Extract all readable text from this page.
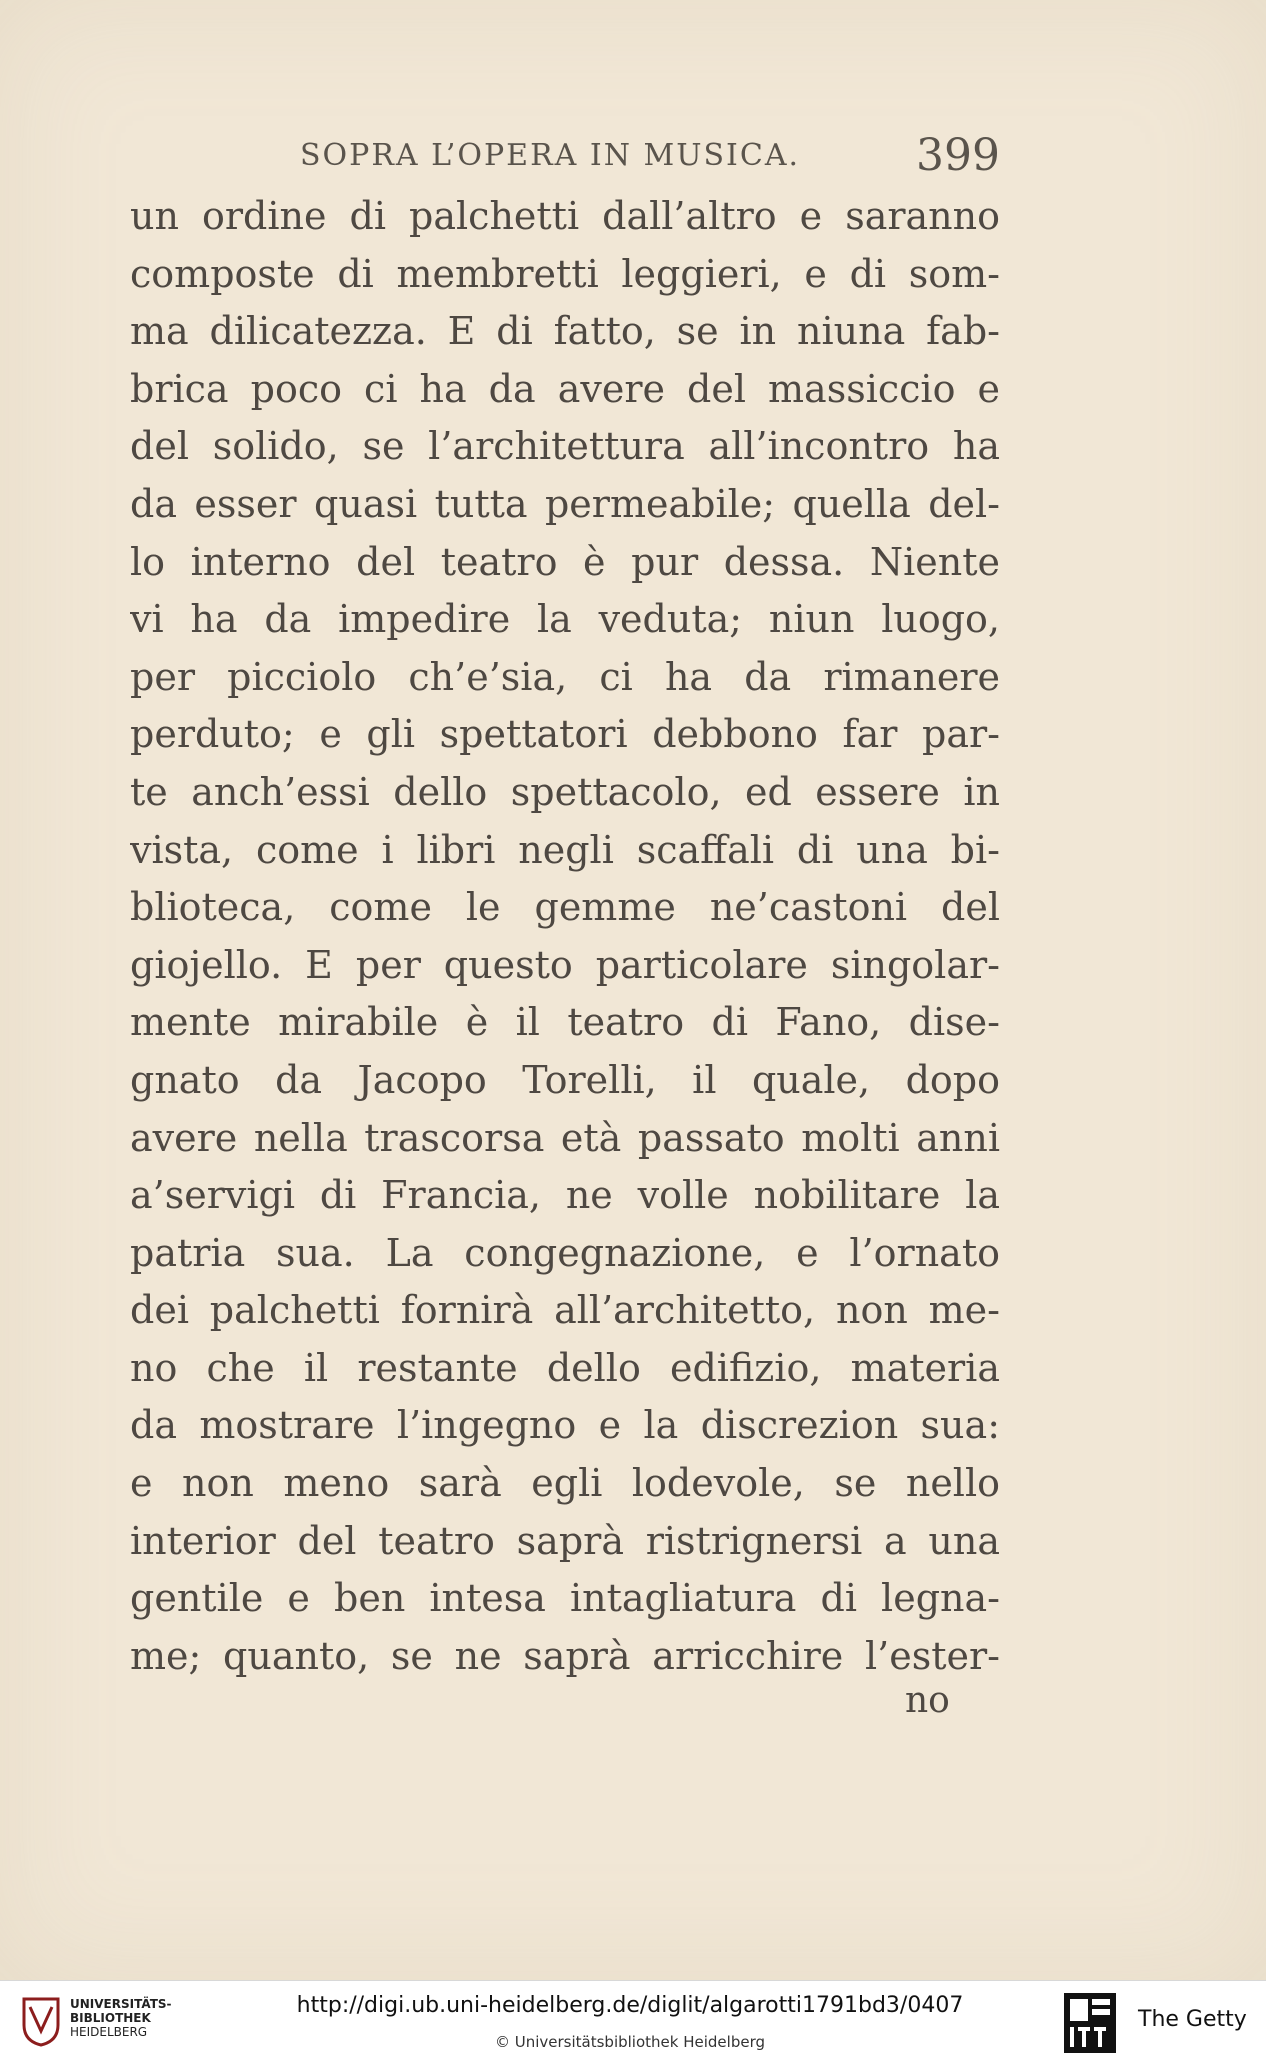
SOPRA L’OPERA IN MUSICA.	399
un ordine di palchetti dall’altro e saranno
composte di membretti leggieri, e di som-
ma dilicatezza. E di fatto, se in niuna fab-
brica poco ci ha da avere del massiccio e
del solido, se l’architettura all’incontro ha
da esser quasi tutta permeabile; quella del-
lo interno del teatro è pur dessa. Niente
vi ha da impedire la veduta; niun luogo,
per picciolo ch’e’sia, ci ha da rimanere
perduto; e gli spettatori debbono far par-
te anch’essi dello spettacolo, ed essere in
vista, come i libri negli scaffali di una bi-
blioteca, come le gemme ne’castoni del
giojello. E per questo particolare singolar-
mente mirabile è il teatro di Fano, dise-
gnato da Jacopo Torelli, il quale, dopo
avere nella trascorsa età passato molti anni
a’servigi di Francia, ne volle nobilitare la
patria sua. La congegnazione, e l’ornato
dei palchetti fornirà all’architetto, non me-
no che il restante dello edifizio, materia
da mostrare l’ingegno e la discrezion sua:
e non meno sarà egli lodevole, se nello
interior del teatro saprà ristrignersi a una
gentile e ben intesa intagliatura di legna-
me; quanto, se ne saprà arricchire l’ester-
no
UNIVERSITÄTS-
BIBLIOTHEK
HEIDELBERG
http://digi.ub.uni-heidelberg.de/diglit/algarotti1791bd3/0407
© Universitätsbibliothek Heidelberg
The Getty
